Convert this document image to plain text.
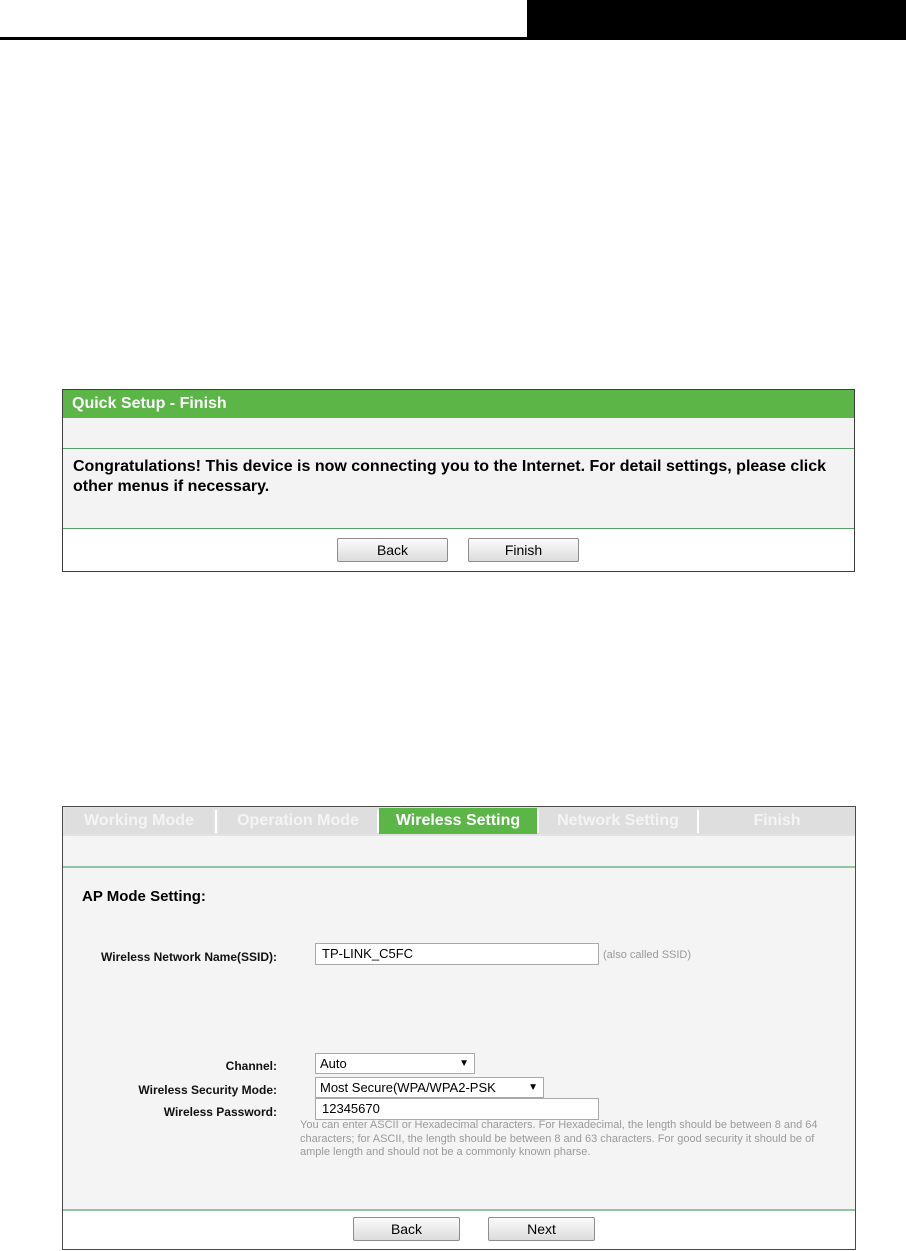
Quick Setup - Finish
Congratulations! This device is now connecting you to the Internet. For detail settings, please click other menus if necessary.
Back	Finish
Working Mode	Operation Mode	Wireless Setting	Network Setting	Finish
AP Mode Setting:
Wireless Network Name(SSID):	TP-LINK_C5FC	(also called SSID)
Channel:	Auto	▼
Wireless Security Mode:	Most Secure(WPA/WPA2-PSK	▼
Wireless Password:	12345670
You can enter ASCII or Hexadecimal characters. For Hexadecimal, the length should be between 8 and 64 characters; for ASCII, the length should be between 8 and 63 characters. For good security it should be of ample length and should not be a commonly known pharse.
Back	Next
